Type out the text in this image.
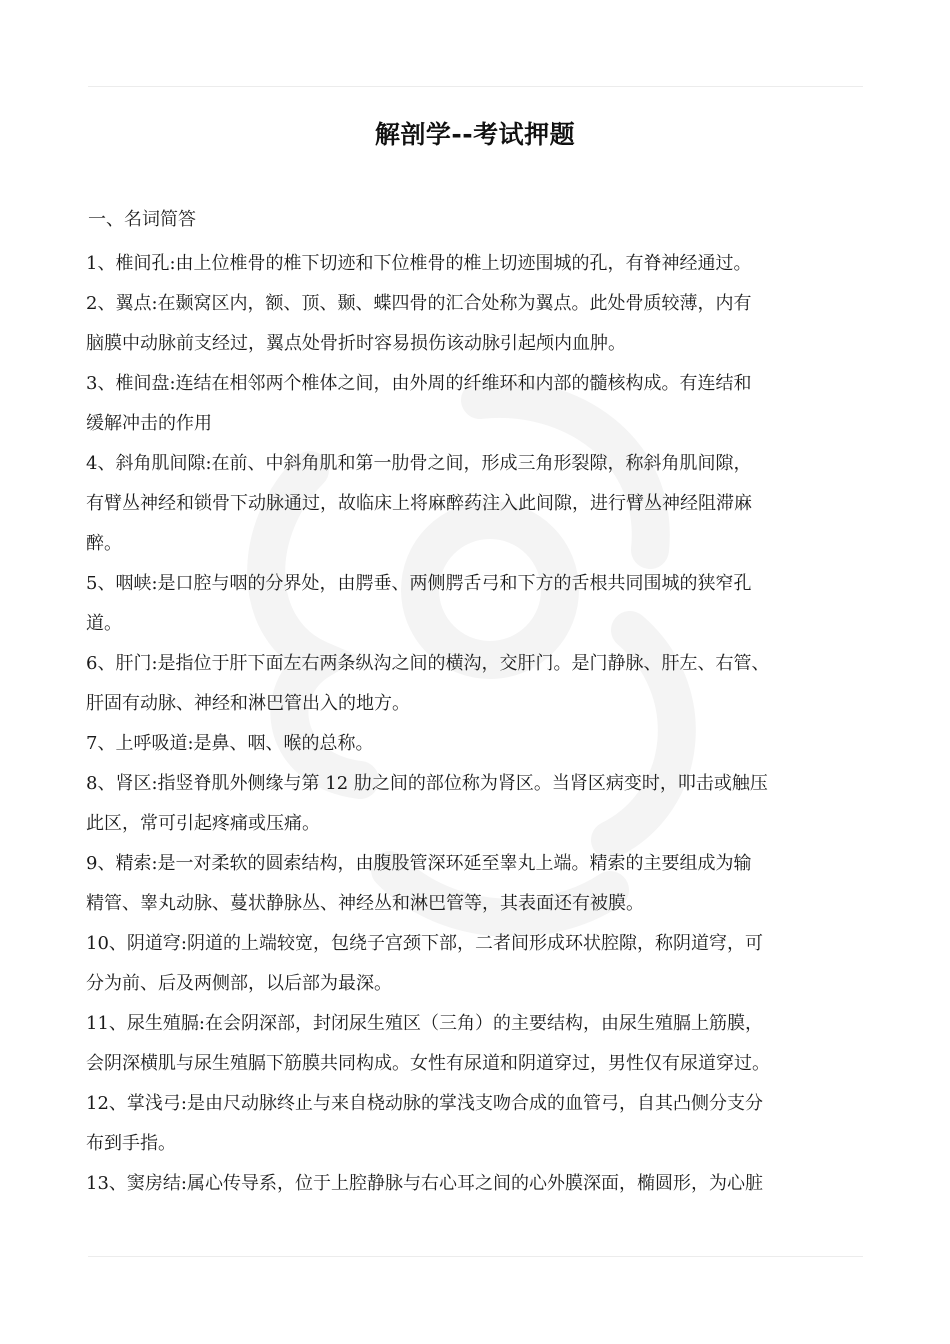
解剖学--考试押题
一、名词简答
1、椎间孔:由上位椎骨的椎下切迹和下位椎骨的椎上切迹围城的孔，有脊神经通过。
2、翼点:在颞窝区内，额、顶、颞、蝶四骨的汇合处称为翼点。此处骨质较薄，内有
脑膜中动脉前支经过，翼点处骨折时容易损伤该动脉引起颅内血肿。
3、椎间盘:连结在相邻两个椎体之间，由外周的纤维环和内部的髓核构成。有连结和
缓解冲击的作用
4、斜角肌间隙:在前、中斜角肌和第一肋骨之间，形成三角形裂隙，称斜角肌间隙，
有臂丛神经和锁骨下动脉通过，故临床上将麻醉药注入此间隙，进行臂丛神经阻滞麻
醉。
5、咽峡:是口腔与咽的分界处，由腭垂、两侧腭舌弓和下方的舌根共同围城的狭窄孔
道。
6、肝门:是指位于肝下面左右两条纵沟之间的横沟，交肝门。是门静脉、肝左、右管、
肝固有动脉、神经和淋巴管出入的地方。
7、上呼吸道:是鼻、咽、喉的总称。
8、肾区:指竖脊肌外侧缘与第 12 肋之间的部位称为肾区。当肾区病变时，叩击或触压
此区，常可引起疼痛或压痛。
9、精索:是一对柔软的圆索结构，由腹股管深环延至睾丸上端。精索的主要组成为输
精管、睾丸动脉、蔓状静脉丛、神经丛和淋巴管等，其表面还有被膜。
10、阴道穹:阴道的上端较宽，包绕子宫颈下部，二者间形成环状腔隙，称阴道穹，可
分为前、后及两侧部，以后部为最深。
11、尿生殖膈:在会阴深部，封闭尿生殖区（三角）的主要结构，由尿生殖膈上筋膜，
会阴深横肌与尿生殖膈下筋膜共同构成。女性有尿道和阴道穿过，男性仅有尿道穿过。
12、掌浅弓:是由尺动脉终止与来自桡动脉的掌浅支吻合成的血管弓，自其凸侧分支分
布到手指。
13、窦房结:属心传导系，位于上腔静脉与右心耳之间的心外膜深面，椭圆形，为心脏
